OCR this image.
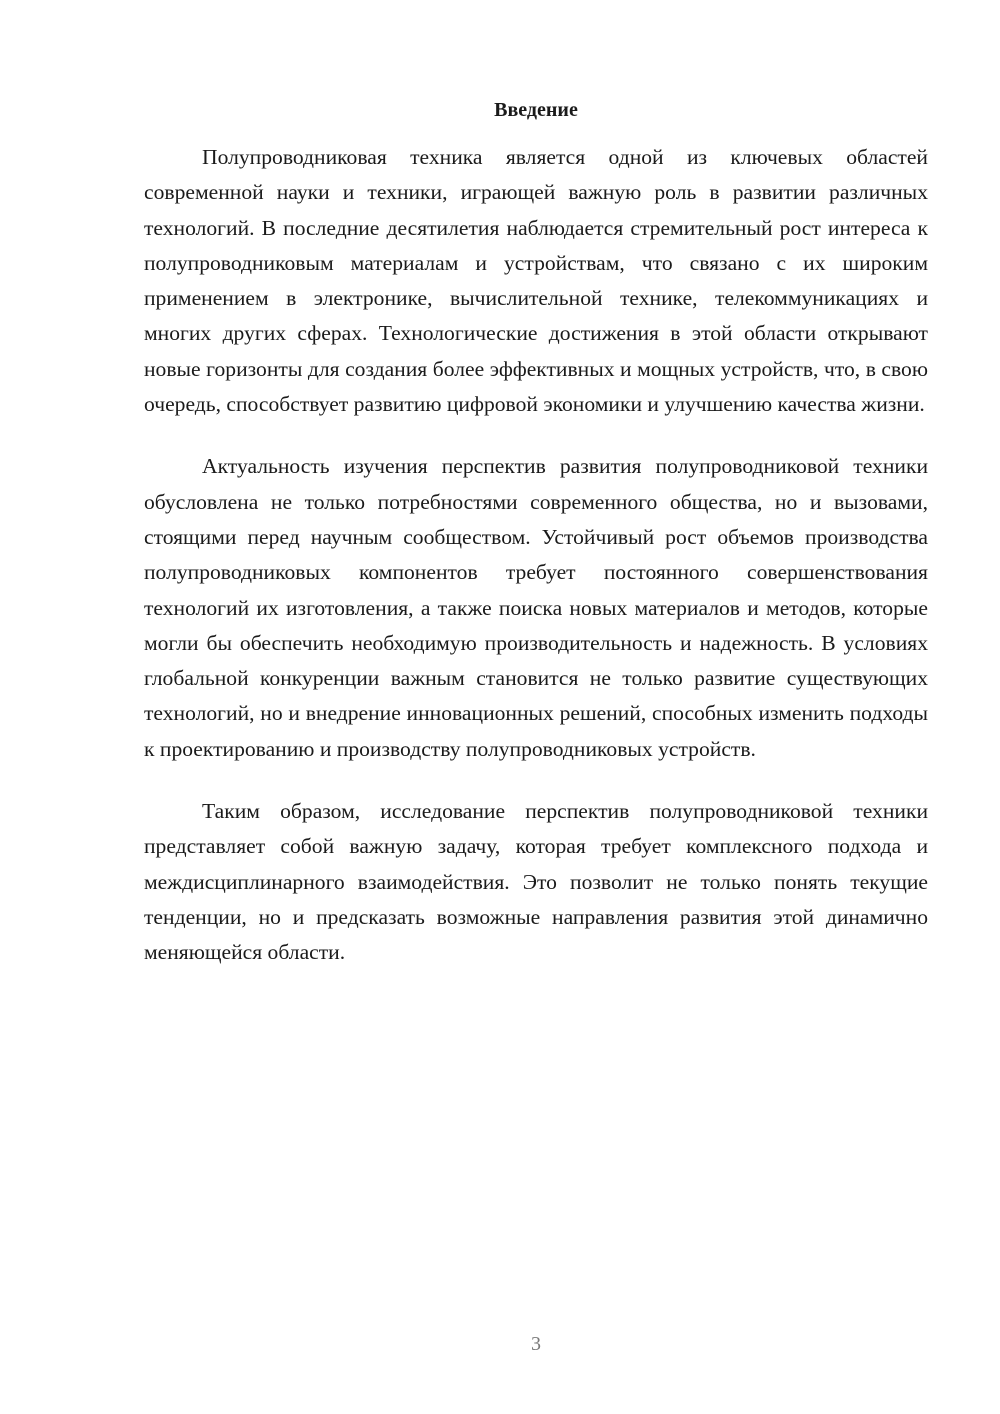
Введение

Полупроводниковая техника является одной из ключевых областей современной науки и техники, играющей важную роль в развитии различных технологий. В последние десятилетия наблюдается стремительный рост интереса к полупроводниковым материалам и устройствам, что связано с их широким применением в электронике, вычислительной технике, телекоммуникациях и многих других сферах. Технологические достижения в этой области открывают новые горизонты для создания более эффективных и мощных устройств, что, в свою очередь, способствует развитию цифровой экономики и улучшению качества жизни.

Актуальность изучения перспектив развития полупроводниковой техники обусловлена не только потребностями современного общества, но и вызовами, стоящими перед научным сообществом. Устойчивый рост объемов производства полупроводниковых компонентов требует постоянного совершенствования технологий их изготовления, а также поиска новых материалов и методов, которые могли бы обеспечить необходимую производительность и надежность. В условиях глобальной конкуренции важным становится не только развитие существующих технологий, но и внедрение инновационных решений, способных изменить подходы к проектированию и производству полупроводниковых устройств.

Таким образом, исследование перспектив полупроводниковой техники представляет собой важную задачу, которая требует комплексного подхода и междисциплинарного взаимодействия. Это позволит не только понять текущие тенденции, но и предсказать возможные направления развития этой динамично меняющейся области.

3
